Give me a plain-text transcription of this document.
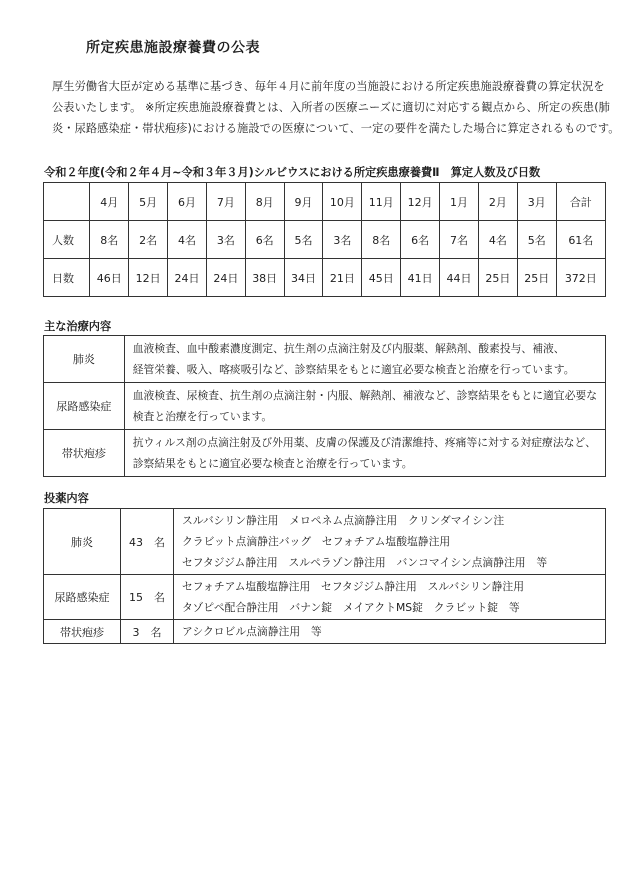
所定疾患施設療養費の公表

厚生労働省大臣が定める基準に基づき、毎年４月に前年度の当施設における所定疾患施設療養費の算定状況を

公表いたします。 ※所定疾患施設療養費とは、入所者の医療ニーズに適切に対応する観点から、所定の疾患(肺

炎・尿路感染症・帯状疱疹)における施設での医療について、一定の要件を満たした場合に算定されるものです。

令和２年度(令和２年４月~令和３年３月)シルビウスにおける所定疾患療養費Ⅱ　算定人数及び日数
	4月	5月	6月	7月	8月	9月	10月	11月	12月	1月	2月	3月	合計
人数	8名	2名	4名	3名	6名	5名	3名	8名	6名	7名	4名	5名	61名
日数	46日	12日	24日	24日	38日	34日	21日	45日	41日	44日	25日	25日	372日
主な治療内容
肺炎	血液検査、血中酸素濃度測定、抗生剤の点滴注射及び内服薬、解熱剤、酸素投与、補液、
経管栄養、吸入、喀痰吸引など、診察結果をもとに適宜必要な検査と治療を行っています。

尿路感染症	血液検査、尿検査、抗生剤の点滴注射・内服、解熱剤、補液など、診察結果をもとに適宜必要な
検査と治療を行っています。

帯状疱疹	抗ウィルス剤の点滴注射及び外用薬、皮膚の保護及び清潔維持、疼痛等に対する対症療法など、
診察結果をもとに適宜必要な検査と治療を行っています。
投薬内容
肺炎	43　名	スルバシリン静注用　メロペネム点滴静注用　クリンダマイシン注
クラビット点滴静注バッグ　セフォチアム塩酸塩静注用
セフタジジム静注用　スルペラゾン静注用　バンコマイシン点滴静注用　等

尿路感染症	15　名	セフォチアム塩酸塩静注用　セフタジジム静注用　スルバシリン静注用
タゾピペ配合静注用　バナン錠　メイアクトMS錠　クラビット錠　等

帯状疱疹	3　名	アシクロビル点滴静注用　等
